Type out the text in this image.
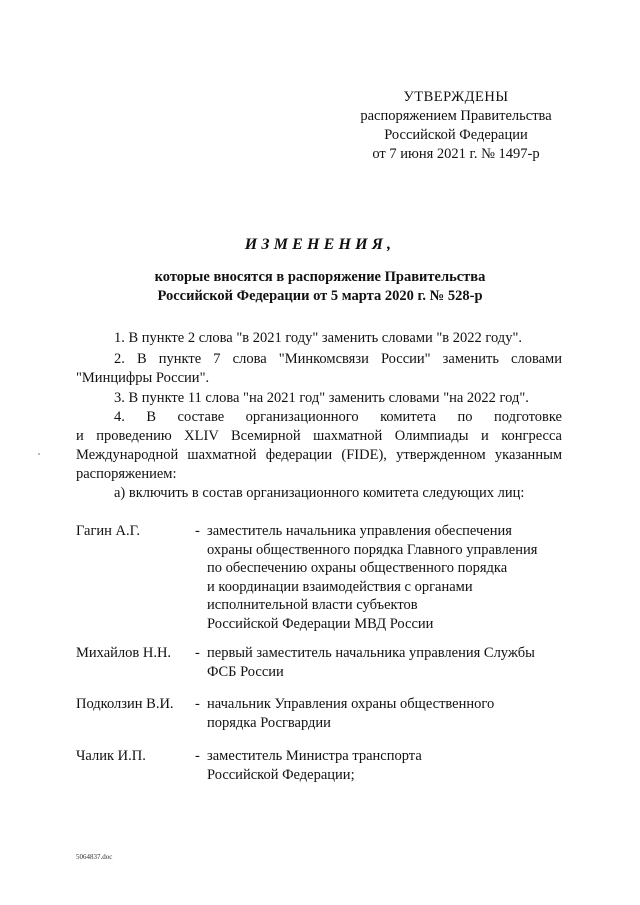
УТВЕРЖДЕНЫ
распоряжением Правительства
Российской Федерации
от 7 июня 2021 г. № 1497-р
ИЗМЕНЕНИЯ,
которые вносятся в распоряжение Правительства
Российской Федерации от 5 марта 2020 г. № 528-р
1. В пункте 2 слова "в 2021 году" заменить словами "в 2022 году".
2. В пункте 7 слова "Минкомсвязи России" заменить словами
"Минцифры России".
3. В пункте 11 слова "на 2021 год" заменить словами "на 2022 год".
4. В составе организационного комитета по подготовке
и проведению XLIV Всемирной шахматной Олимпиады и конгресса
Международной шахматной федерации (FIDE), утвержденном указанным
распоряжением:
а) включить в состав организационного комитета следующих лиц:
Гагин А.Г.	- заместитель начальника управления обеспечения
охраны общественного порядка Главного управления
по обеспечению охраны общественного порядка
и координации взаимодействия с органами
исполнительной власти субъектов
Российской Федерации МВД России
Михайлов Н.Н. - первый заместитель начальника управления Службы
ФСБ России
Подколзин В.И. - начальник Управления охраны общественного
порядка Росгвардии
Чалик И.П.	- заместитель Министра транспорта
Российской Федерации;
5064837.doc
